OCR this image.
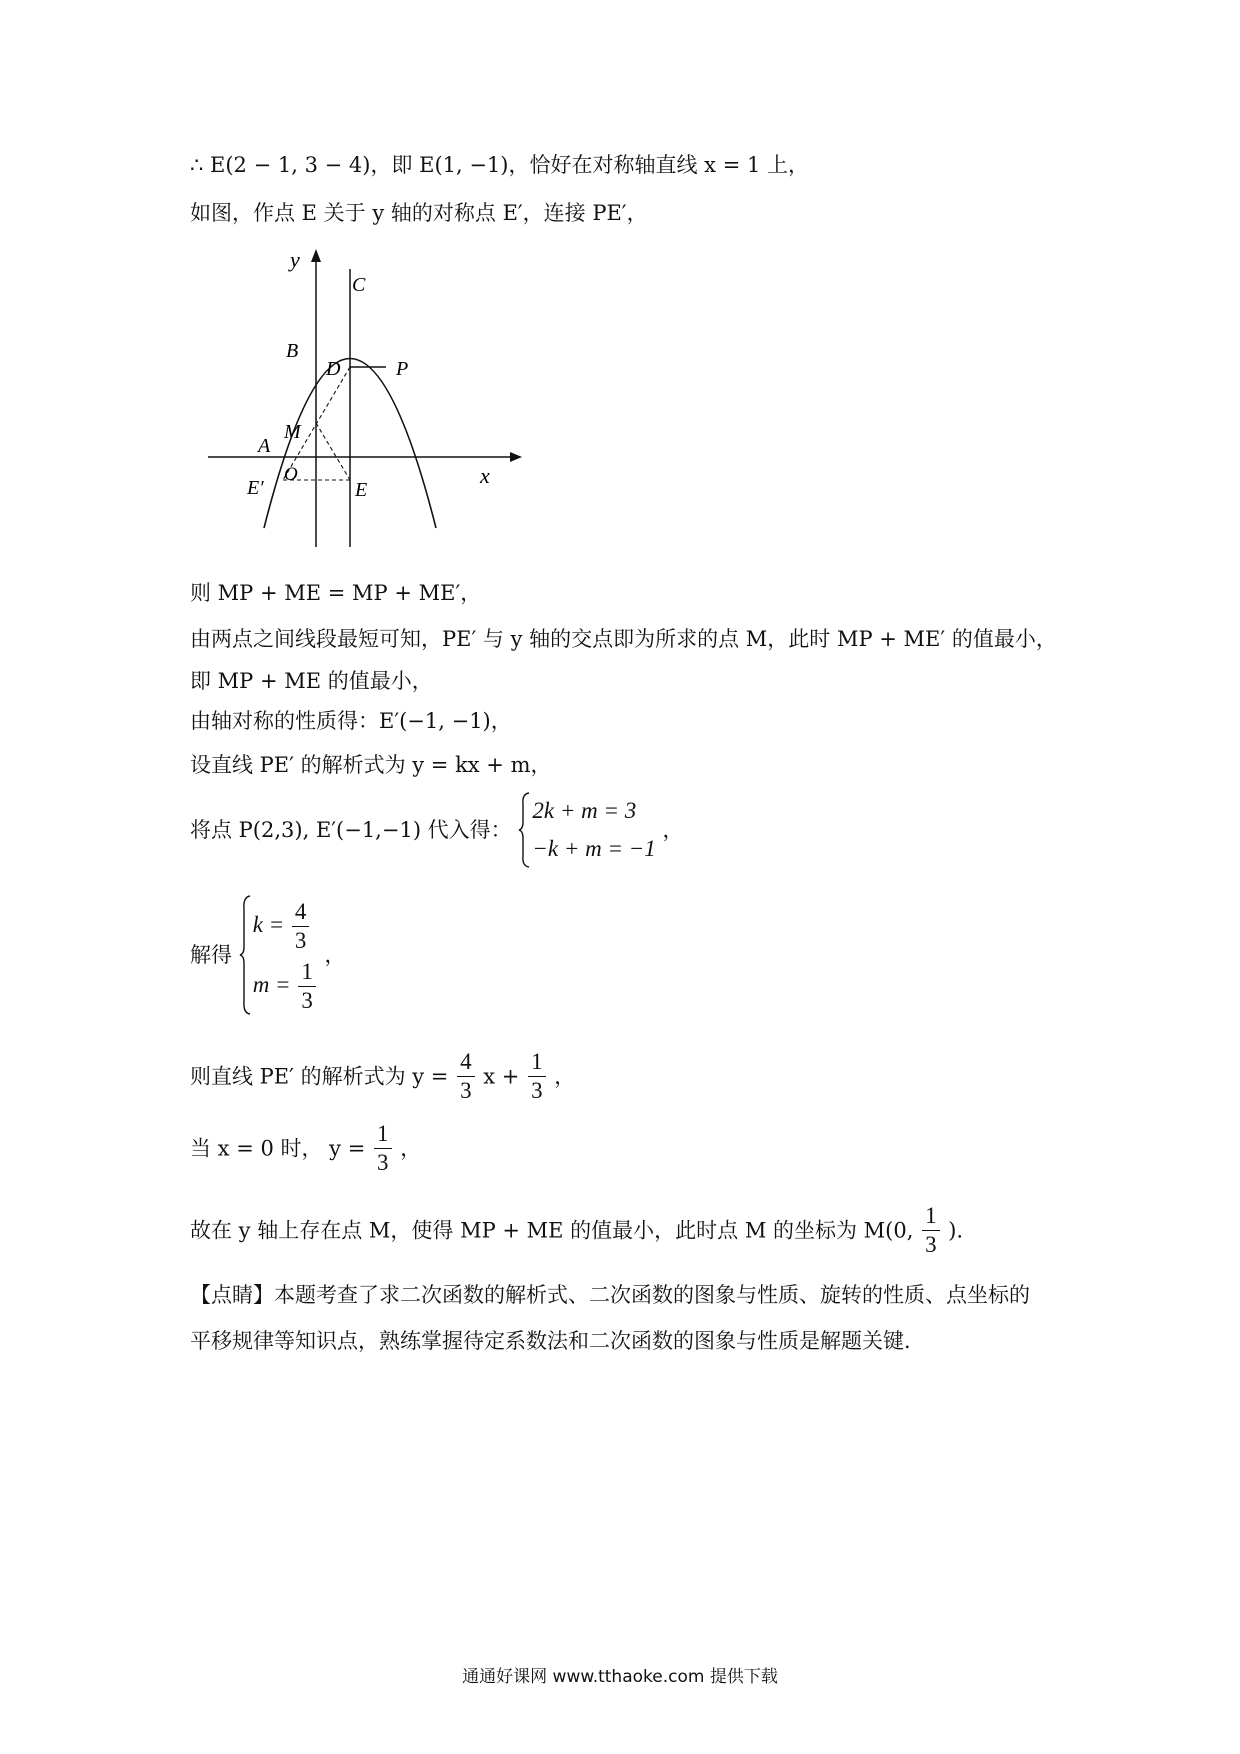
∴ E(2 − 1, 3 − 4)，即 E(1, −1)，恰好在对称轴直线 x = 1 上，
如图，作点 E 关于 y 轴的对称点 E′，连接 PE′，
y
x
C
B
D	P
A
M
E′
O
E
则 MP + ME = MP + ME′，
由两点之间线段最短可知，PE′ 与 y 轴的交点即为所求的点 M，此时 MP + ME′ 的值最小，
即 MP + ME 的值最小，
由轴对称的性质得：E′(−1, −1)，
设直线 PE′ 的解析式为 y = kx + m，
将点 P(2,3), E′(−1,−1) 代入得：
2k + m = 3
−k + m = −1
，
解得
$k = \frac{4}{3}$
$m = \frac{1}{3}$
，
则直线 PE′ 的解析式为 $y = \frac{4}{3}$ $x + \frac{1}{3}$ ，
当 x = 0 时， $y = \frac{1}{3}$ ，
故在 y 轴上存在点 M，使得 MP + ME 的值最小，此时点 M 的坐标为 M(0, $\frac{1}{3}$ )．
【点睛】本题考查了求二次函数的解析式、二次函数的图象与性质、旋转的性质、点坐标的
平移规律等知识点，熟练掌握待定系数法和二次函数的图象与性质是解题关键．
通通好课网 www.tthaoke.com 提供下载
